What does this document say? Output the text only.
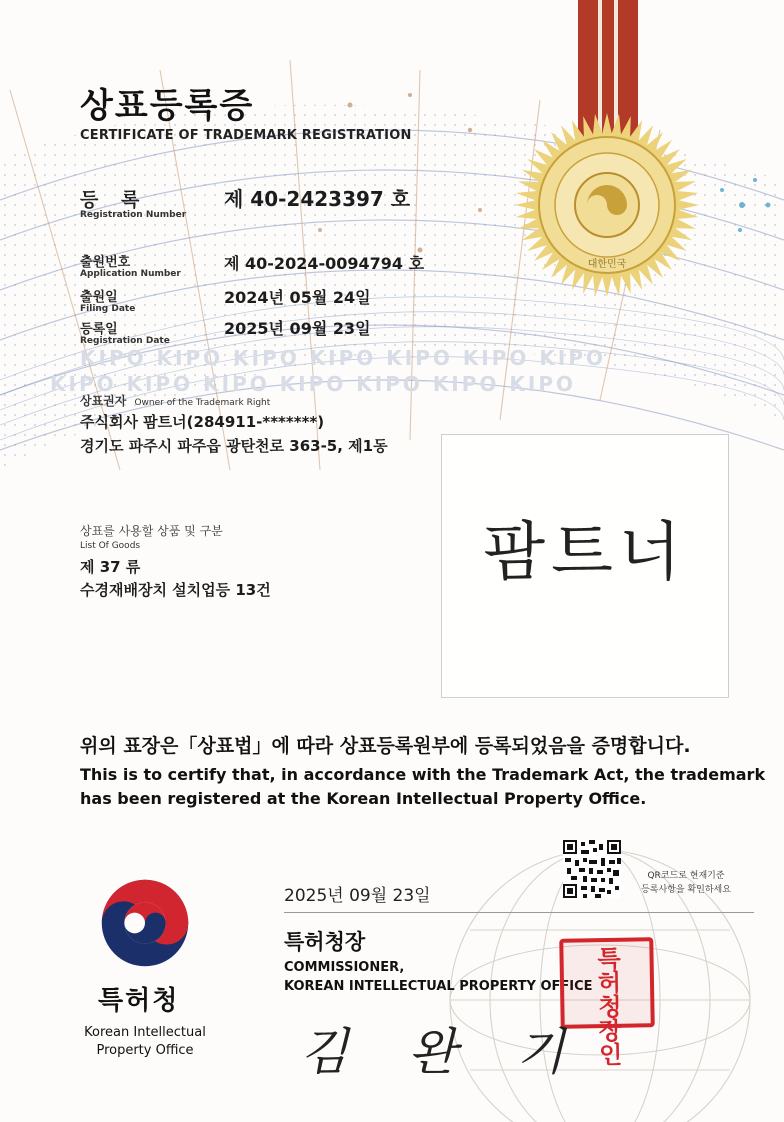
KIPO KIPO KIPO KIPO KIPO KIPO KIPO
KIPO KIPO KIPO KIPO KIPO KIPO KIPO
대한민국
상표등록증
CERTIFICATE OF TRADEMARK REGISTRATION
등 록
Registration Number
제 40-2423397 호
출원번호
Application Number
제 40-2024-0094794 호
출원일
Filing Date
2024년 05월 24일
등록일
Registration Date
2025년 09월 23일
상표권자 Owner of the Trademark Right
주식회사 팜트너(284911-*******)
경기도 파주시 파주읍 광탄천로 363-5, 제1동
상표를 사용할 상품 및 구분
List Of Goods
제 37 류
수경재배장치 설치업등 13건	팜트너
위의 표장은「상표법」에 따라 상표등록원부에 등록되었음을 증명합니다.
This is to certify that, in accordance with the Trademark Act, the trademark
has been registered at the Korean Intellectual Property Office.
특허청
Korean Intellectual
Property Office
2025년 09월 23일
QR코드로 현재기준
등록사항을 확인하세요
특허청장
COMMISSIONER,
KOREAN INTELLECTUAL PROPERTY OFFICE 특허청장인
김 완 기
